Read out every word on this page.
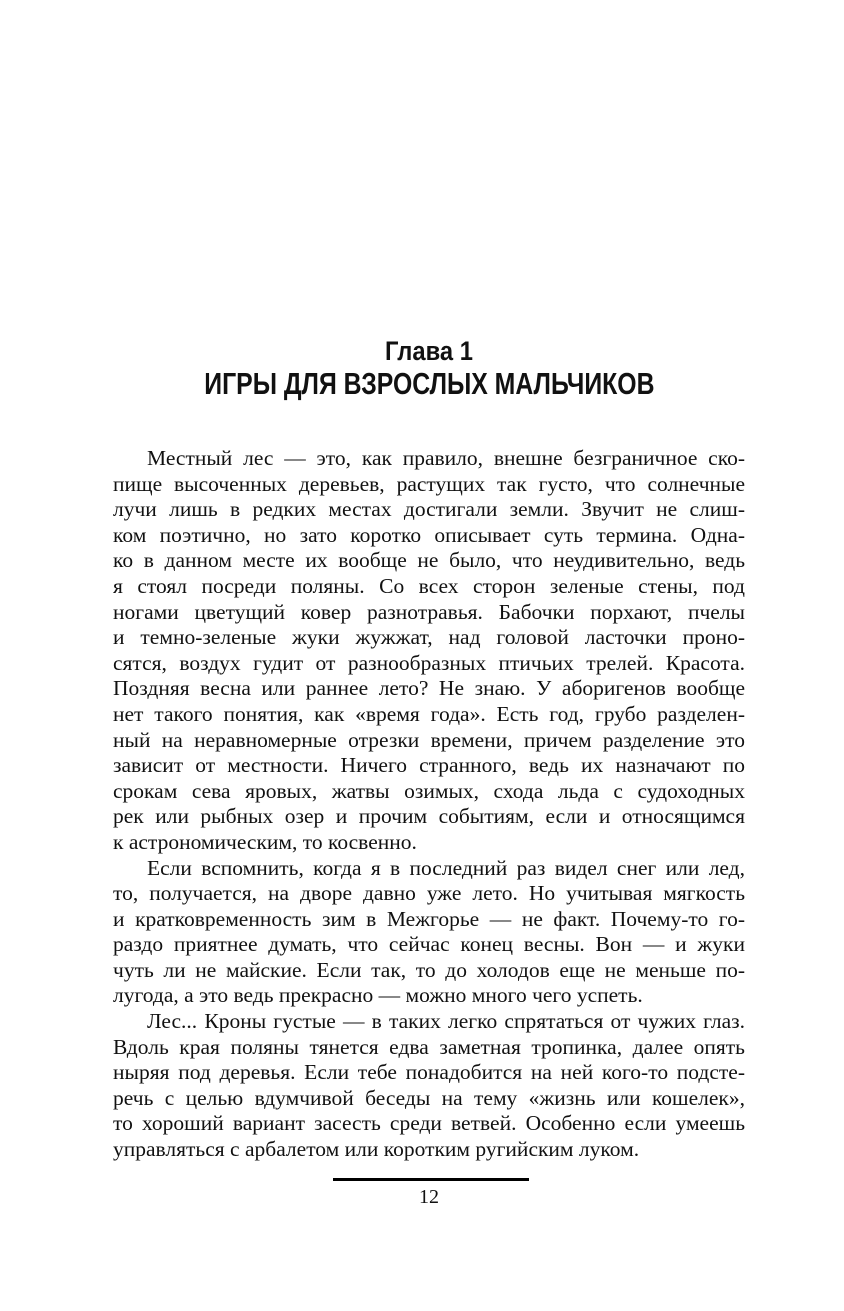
Глава 1
ИГРЫ ДЛЯ ВЗРОСЛЫХ МАЛЬЧИКОВ
Местный лес — это, как правило, внешне безграничное ско-
пище высоченных деревьев, растущих так густо, что солнечные
лучи лишь в редких местах достигали земли. Звучит не слиш-
ком поэтично, но зато коротко описывает суть термина. Одна-
ко в данном месте их вообще не было, что неудивительно, ведь
я стоял посреди поляны. Со всех сторон зеленые стены, под
ногами цветущий ковер разнотравья. Бабочки порхают, пчелы
и темно-зеленые жуки жужжат, над головой ласточки проно-
сятся, воздух гудит от разнообразных птичьих трелей. Красота.
Поздняя весна или раннее лето? Не знаю. У аборигенов вообще
нет такого понятия, как «время года». Есть год, грубо разделен-
ный на неравномерные отрезки времени, причем разделение это
зависит от местности. Ничего странного, ведь их назначают по
срокам сева яровых, жатвы озимых, схода льда с судоходных
рек или рыбных озер и прочим событиям, если и относящимся
к астрономическим, то косвенно.
Если вспомнить, когда я в последний раз видел снег или лед,
то, получается, на дворе давно уже лето. Но учитывая мягкость
и кратковременность зим в Межгорье — не факт. Почему-то го-
раздо приятнее думать, что сейчас конец весны. Вон — и жуки
чуть ли не майские. Если так, то до холодов еще не меньше по-
лугода, а это ведь прекрасно — можно много чего успеть.
Лес... Кроны густые — в таких легко спрятаться от чужих глаз.
Вдоль края поляны тянется едва заметная тропинка, далее опять
ныряя под деревья. Если тебе понадобится на ней кого-то подсте-
речь с целью вдумчивой беседы на тему «жизнь или кошелек»,
то хороший вариант засесть среди ветвей. Особенно если умеешь
управляться с арбалетом или коротким ругийским луком.
12
